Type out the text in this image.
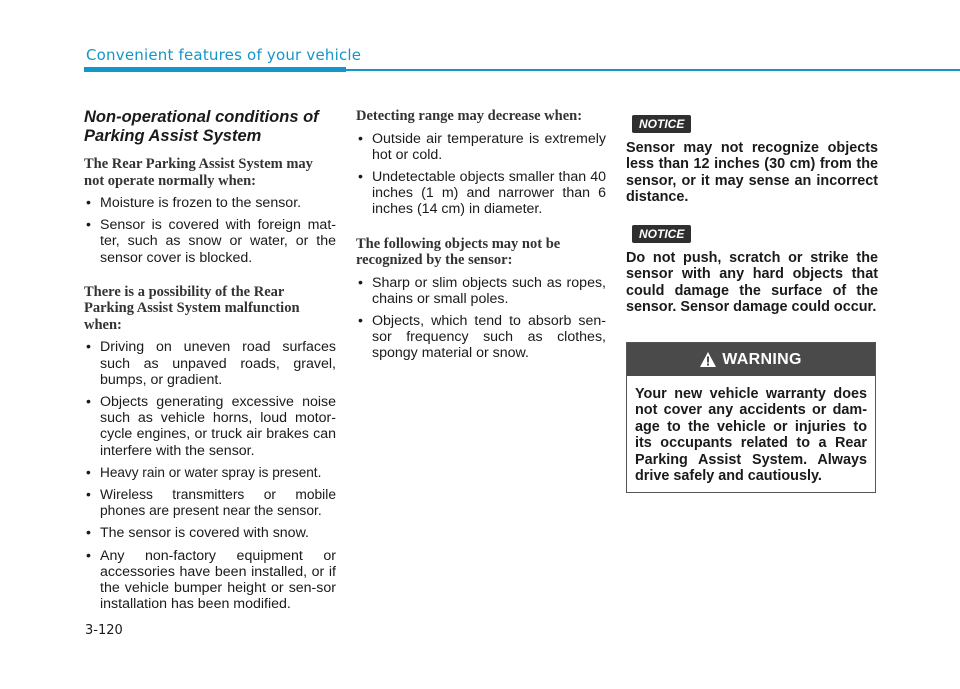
Convenient features of your vehicle
Non-operational conditions of Parking Assist System
The Rear Parking Assist System may not operate normally when:
• Moisture is frozen to the sensor.
• Sensor is covered with foreign mat-ter, such as snow or water, or the sensor cover is blocked.
There is a possibility of the Rear Parking Assist System malfunction when:
• Driving on uneven road surfaces such as unpaved roads, gravel, bumps, or gradient.
• Objects generating excessive noise such as vehicle horns, loud motor-cycle engines, or truck air brakes can interfere with the sensor.
• Heavy rain or water spray is present.
• Wireless transmitters or mobile phones are present near the sensor.
• The sensor is covered with snow.
• Any non-factory equipment or accessories have been installed, or if the vehicle bumper height or sen-sor installation has been modified.
Detecting range may decrease when:
• Outside air temperature is extremely hot or cold.
• Undetectable objects smaller than 40 inches (1 m) and narrower than 6 inches (14 cm) in diameter.
The following objects may not be recognized by the sensor:
• Sharp or slim objects such as ropes, chains or small poles.
• Objects, which tend to absorb sen-sor frequency such as clothes, spongy material or snow.
NOTICE

Sensor may not recognize objects less than 12 inches (30 cm) from the sensor, or it may sense an incorrect distance.

NOTICE

Do not push, scratch or strike the sensor with any hard objects that could damage the surface of the sensor. Sensor damage could occur.

WARNING
Your new vehicle warranty does not cover any accidents or dam-age to the vehicle or injuries to its occupants related to a Rear Parking Assist System. Always drive safely and cautiously.
3-120
